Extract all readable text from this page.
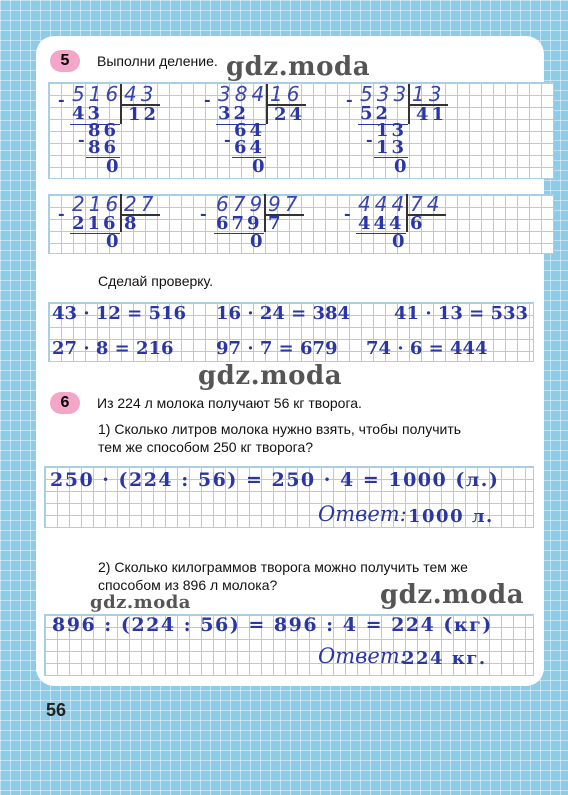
5	Выполни деление.
516 43
-
43 12
86
- 86
0
384 16
-
32 24
64
- 64
0
533 13
-
52 41
13
- 13
0
216 27
- 216 8
0
679 97
- 679 7
0
444 74
- 444 6
0
Сделай проверку.
43 · 12 = 516 16 · 24 = 384 41 · 13 = 533
27 · 8 = 216 97 · 7 = 679 74 · 6 = 444
6	Из 224 л молока получают 56 кг творога.
1) Сколько литров молока нужно взять, чтобы получить
тем же способом 250 кг творога?
250 · (224 : 56) = 250 · 4 = 1000 (л.)
Ответ: 1000 л.
2) Сколько килограммов творога можно получить тем же
способом из 896 л молока?
896 : (224 : 56) = 896 : 4 = 224 (кг)
Ответ:
224 кг.
56
gdz.moda
gdz.moda
gdz.moda	gdz.moda
